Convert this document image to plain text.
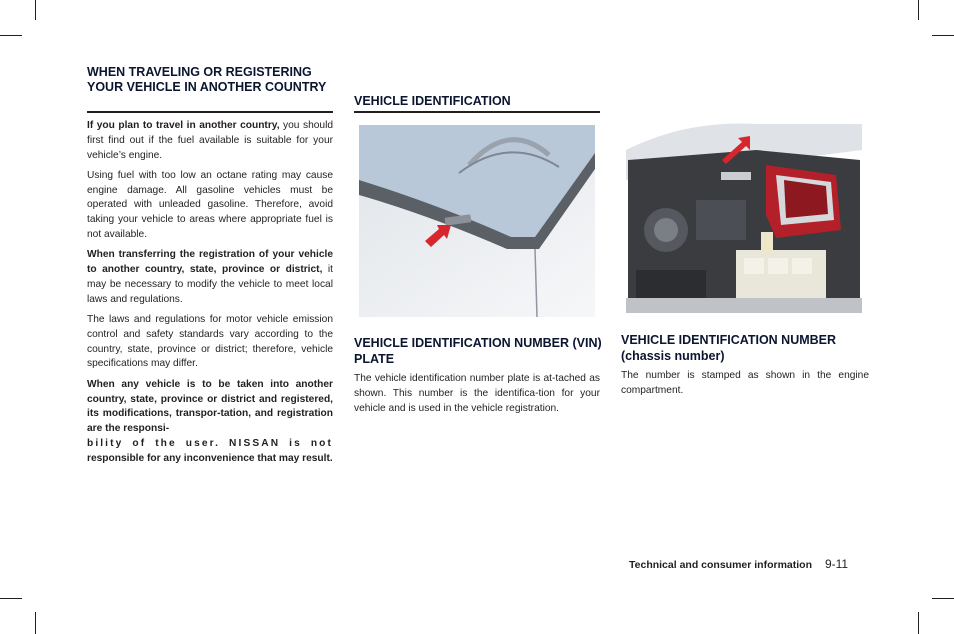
WHEN TRAVELING OR REGISTERING YOUR VEHICLE IN ANOTHER COUNTRY

If you plan to travel in another country, you should first find out if the fuel available is suitable for your vehicle’s engine.

Using fuel with too low an octane rating may cause engine damage. All gasoline vehicles must be operated with unleaded gasoline. Therefore, avoid taking your vehicle to areas where appropriate fuel is not available.

When transferring the registration of your vehicle to another country, state, province or district, it may be necessary to modify the vehicle to meet local laws and regulations.

The laws and regulations for motor vehicle emission control and safety standards vary according to the country, state, province or district; therefore, vehicle specifications may differ.

When any vehicle is to be taken into another country, state, province or district and registered, its modifications, transpor-tation, and registration are the responsi-
bility of the user. NISSAN is not
responsible for any inconvenience that may result.

VEHICLE IDENTIFICATION
VEHICLE IDENTIFICATION NUMBER (VIN) PLATE
The vehicle identification number plate is at-tached as shown. This number is the identifica-tion for your vehicle and is used in the vehicle registration.
VEHICLE IDENTIFICATION NUMBER (chassis number)
The number is stamped as shown in the engine compartment.
Technical and consumer information 9-11
